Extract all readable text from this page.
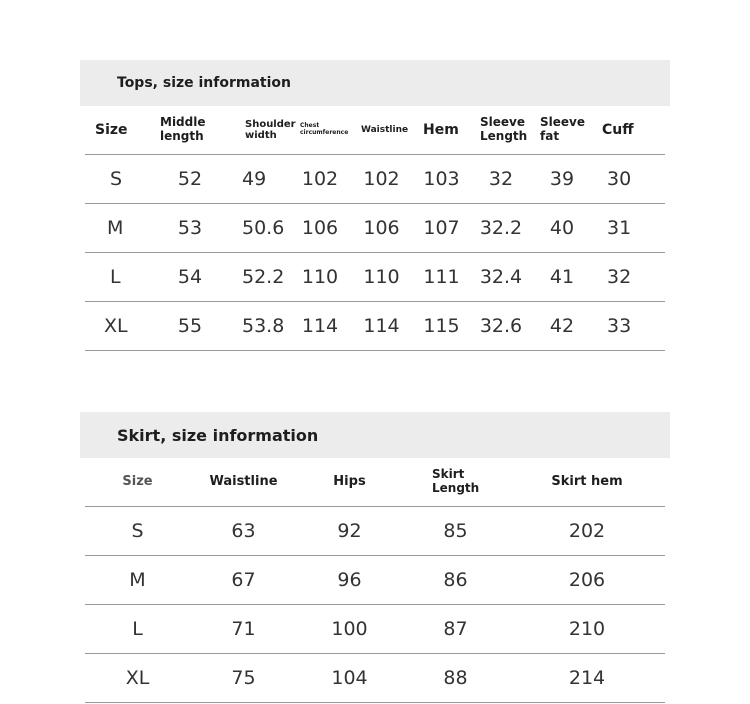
Tops, size information
Size	Middle length	Shoulder width	Chest circumference	Waistline	Hem	Sleeve Length	Sleeve fat	Cuff
S	52	49	102	102	103	32	39	30
M	53	50.6	106	106	107	32.2	40	31
L	54	52.2	110	110	111	32.4	41	32
XL	55	53.8	114	114	115	32.6	42	33
Skirt, size information
Size	Waistline	Hips	Skirt Length	Skirt hem
S	63	92	85	202
M	67	96	86	206
L	71	100	87	210
XL	75	104	88	214
